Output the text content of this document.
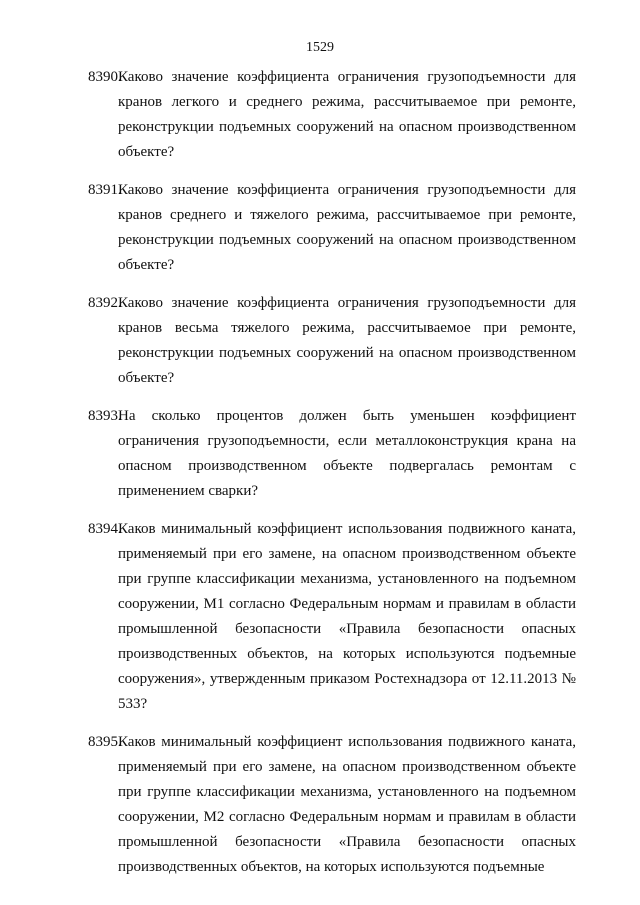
1529
8390.

Каково значение коэффициента ограничения грузоподъемности для кранов легкого и среднего режима, рассчитываемое при ремонте, реконструкции подъемных сооружений на опасном производственном объекте?

8391.

Каково значение коэффициента ограничения грузоподъемности для кранов среднего и тяжелого режима, рассчитываемое при ремонте, реконструкции подъемных сооружений на опасном производственном объекте?

8392.

Каково значение коэффициента ограничения грузоподъемности для кранов весьма тяжелого режима, рассчитываемое при ремонте, реконструкции подъемных сооружений на опасном производственном объекте?

8393.

На сколько процентов должен быть уменьшен коэффициент ограничения грузоподъемности, если металлоконструкция крана на опасном производственном объекте подвергалась ремонтам с применением сварки?

8394.

Каков минимальный коэффициент использования подвижного каната, применяемый при его замене, на опасном производственном объекте при группе классификации механизма, установленного на подъемном сооружении, М1 согласно Федеральным нормам и правилам в области промышленной безопасности «Правила безопасности опасных производственных объектов, на которых используются подъемные сооружения», утвержденным приказом Ростехнадзора от 12.11.2013 № 533?

8395.

Каков минимальный коэффициент использования подвижного каната, применяемый при его замене, на опасном производственном объекте при группе классификации механизма, установленного на подъемном сооружении, М2 согласно Федеральным нормам и правилам в области промышленной безопасности «Правила безопасности опасных производственных объектов, на которых используются подъемные
